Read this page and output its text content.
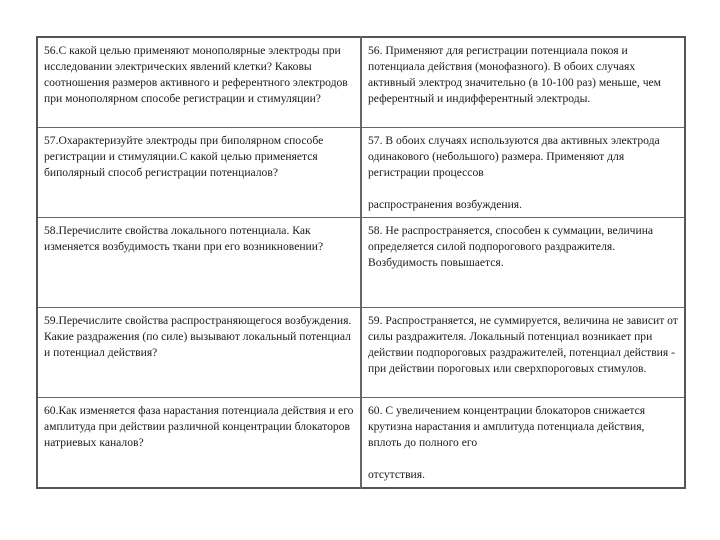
56.С какой целью применяют монополярные электроды при исследовании электрических явлений клетки? Каковы соотношения размеров активного и референтного электродов при монополярном способе регистрации и стимуляции?	56. Применяют для регистрации потенциала покоя и потенциала действия (монофазного). В обоих случаях активный электрод значительно (в 10-100 раз) меньше, чем референтный и индифферентный электроды.
57.Охарактеризуйте электроды при биполярном способе регистрации и стимуляции.С какой целью применяется биполярный способ регистрации потенциалов?	57. В обоих случаях используются два активных электрода одинакового (небольшого) размера. Применяют для регистрации процессов
распространения возбуждения.
58.Перечислите свойства локального потенциала. Как изменяется возбудимость ткани при его возникновении?	58. Не распространяется, способен к суммации, величина определяется силой подпорогового раздражителя. Возбудимость повышается.
59.Перечислите свойства распространяющегося возбуждения. Какие раздражения (по силе) вызывают локальный потенциал и потенциал действия?	59. Распространяется, не суммируется, величина не зависит от силы раздражителя. Локальный потенциал возникает при действии подпороговых раздражителей, потенциал действия - при действии пороговых или сверхпороговых стимулов.
60.Как изменяется фаза нарастания потенциала действия и его амплитуда при действии различной концентрации блокаторов натриевых каналов?	60. С увеличением концентрации блокаторов снижается крутизна нарастания и амплитуда потенциала действия, вплоть до полного его
отсутствия.
